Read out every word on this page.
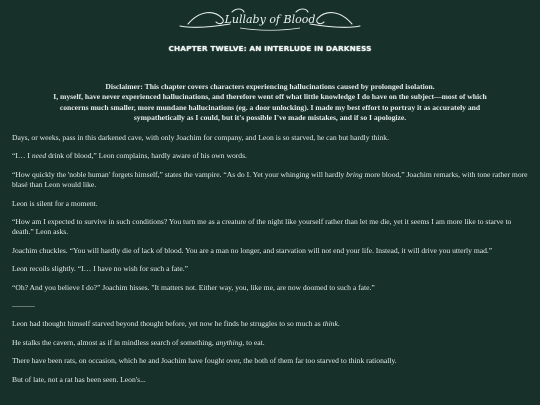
Lullaby of Blood
CHAPTER TWELVE: AN INTERLUDE IN DARKNESS
Disclaimer: This chapter covers characters experiencing hallucinations caused by prolonged isolation.
I, myself, have never experienced hallucinations, and therefore went off what little knowledge I do have on the subject—most of which
concerns much smaller, more mundane hallucinations (eg. a door unlocking). I made my best effort to portray it as accurately and
sympathetically as I could, but it's possible I've made mistakes, and if so I apologize.

Days, or weeks, pass in this darkened cave, with only Joachim for company, and Leon is so starved, he can but hardly think.

“I… I need drink of blood,” Leon complains, hardly aware of his own words.

“How quickly the 'noble human' forgets himself,” states the vampire. “As do I. Yet your whinging will hardly bring more blood,” Joachim remarks, with tone rather more blasé than Leon would like.

Leon is silent for a moment.

“How am I expected to survive in such conditions? You turn me as a creature of the night like yourself rather than let me die, yet it seems I am more like to starve to death.” Leon asks.

Joachim chuckles. “You will hardly die of lack of blood. You are a man no longer, and starvation will not end your life. Instead, it will drive you utterly mad.”

Leon recoils slightly. “I… I have no wish for such a fate.”

“Oh? And you believe I do?” Joachim hisses. "It matters not. Either way, you, like me, are now doomed to such a fate.”

———

Leon had thought himself starved beyond thought before, yet now he finds he struggles to so much as think.

He stalks the cavern, almost as if in mindless search of something, anything, to eat.

There have been rats, on occasion, which he and Joachim have fought over, the both of them far too starved to think rationally.

But of late, not a rat has been seen. Leon's...
